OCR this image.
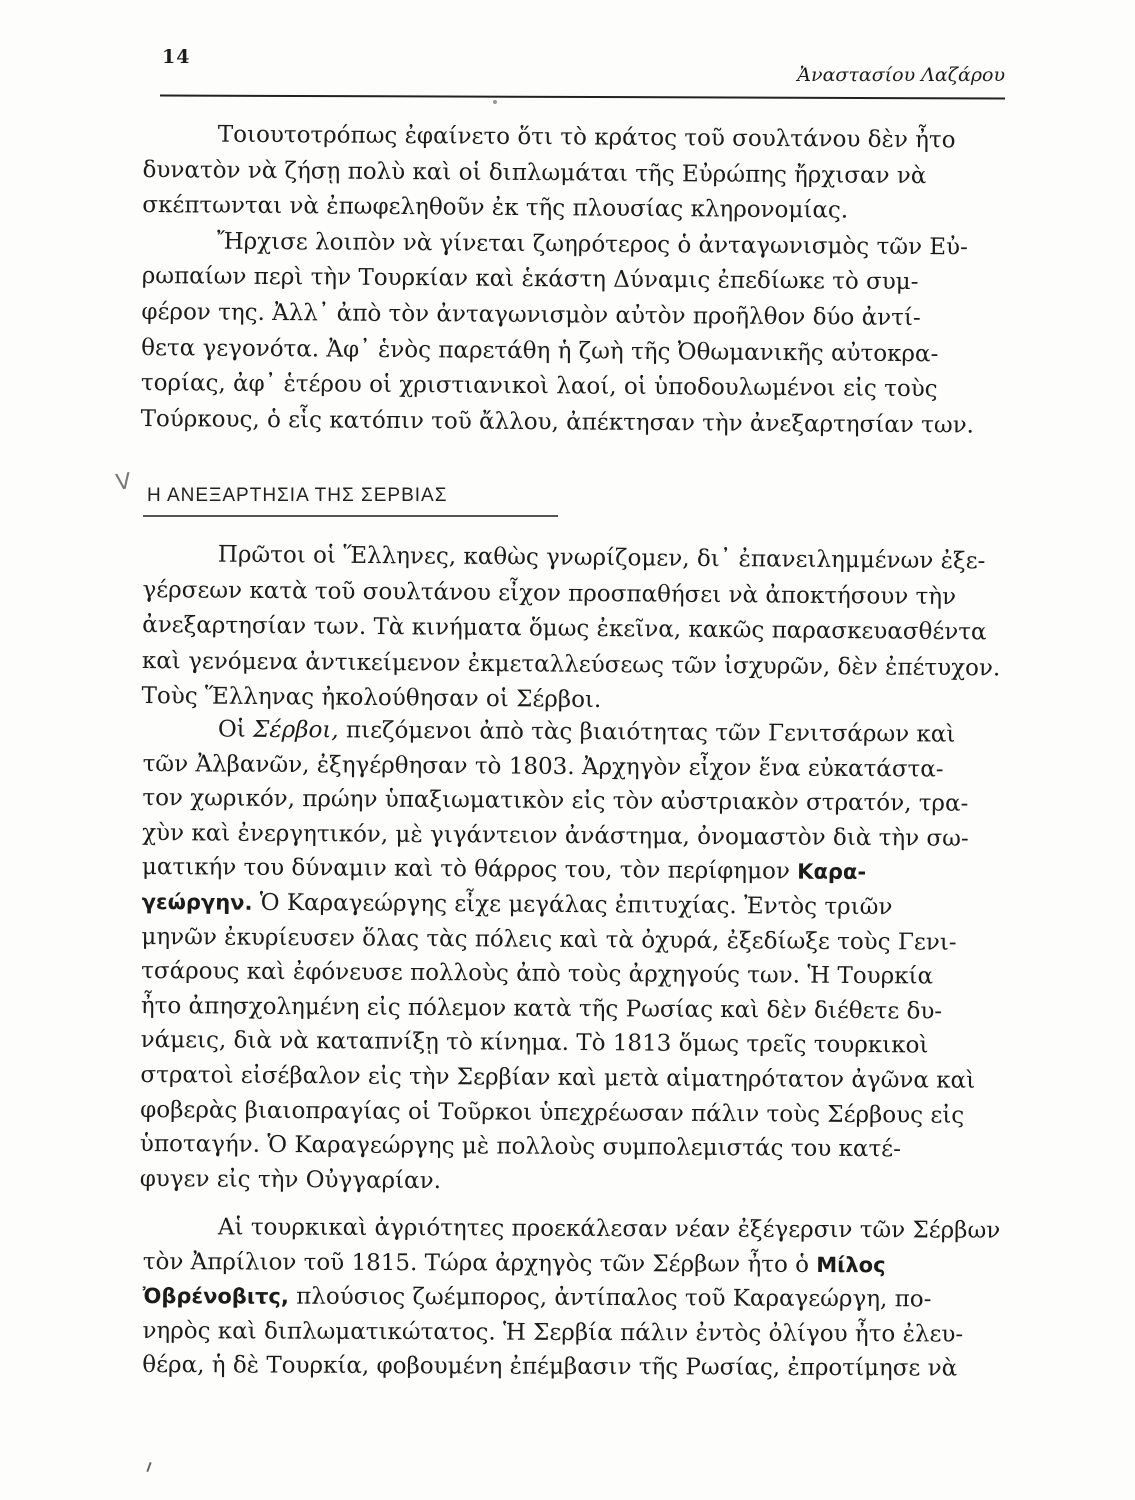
14
Ἀναστασίου Λαζάρου
Τοιουτοτρόπως ἐφαίνετο ὅτι τὸ κράτος τοῦ σουλτάνου δὲν ἦτο
δυνατὸν νὰ ζήσῃ πολὺ καὶ οἱ διπλωμάται τῆς Εὐρώπης ἤρχισαν νὰ
σκέπτωνται νὰ ἐπωφεληθοῦν ἐκ τῆς πλουσίας κληρονομίας.
Ἤρχισε λοιπὸν νὰ γίνεται ζωηρότερος ὁ ἀνταγωνισμὸς τῶν Εὐ-
ρωπαίων περὶ τὴν Τουρκίαν καὶ ἑκάστη Δύναμις ἐπεδίωκε τὸ συμ-
φέρον της. Ἀλλ᾽ ἀπὸ τὸν ἀνταγωνισμὸν αὐτὸν προῆλθον δύο ἀντί-
θετα γεγονότα. Ἀφ᾽ ἑνὸς παρετάθη ἡ ζωὴ τῆς Ὀθωμανικῆς αὐτοκρα-
τορίας, ἀφ᾽ ἑτέρου οἱ χριστιανικοὶ λαοί, οἱ ὑποδουλωμένοι εἰς τοὺς
Τούρκους, ὁ εἷς κατόπιν τοῦ ἄλλου, ἀπέκτησαν τὴν ἀνεξαρτησίαν των.
V Η ΑΝΕΞΑΡΤΗΣΙΑ ΤΗΣ ΣΕΡΒΙΑΣ
Πρῶτοι οἱ Ἕλληνες, καθὼς γνωρίζομεν, δι᾽ ἐπανειλημμένων ἐξε-
γέρσεων κατὰ τοῦ σουλτάνου εἶχον προσπαθήσει νὰ ἀποκτήσουν τὴν
ἀνεξαρτησίαν των. Τὰ κινήματα ὅμως ἐκεῖνα, κακῶς παρασκευασθέντα
καὶ γενόμενα ἀντικείμενον ἐκμεταλλεύσεως τῶν ἰσχυρῶν, δὲν ἐπέτυχον.
Τοὺς Ἕλληνας ἠκολούθησαν οἱ Σέρβοι.
Οἱ Σέρβοι, πιεζόμενοι ἀπὸ τὰς βιαιότητας τῶν Γενιτσάρων καὶ
τῶν Ἀλβανῶν, ἐξηγέρθησαν τὸ 1803. Ἀρχηγὸν εἶχον ἕνα εὐκατάστα-
τον χωρικόν, πρώην ὑπαξιωματικὸν εἰς τὸν αὐστριακὸν στρατόν, τρα-
χὺν καὶ ἐνεργητικόν, μὲ γιγάντειον ἀνάστημα, ὀνομαστὸν διὰ τὴν σω-
ματικήν του δύναμιν καὶ τὸ θάρρος του, τὸν περίφημον Καρα-
γεώργην. Ὁ Καραγεώργης εἶχε μεγάλας ἐπιτυχίας. Ἐντὸς τριῶν
μηνῶν ἐκυρίευσεν ὅλας τὰς πόλεις καὶ τὰ ὀχυρά, ἐξεδίωξε τοὺς Γενι-
τσάρους καὶ ἐφόνευσε πολλοὺς ἀπὸ τοὺς ἀρχηγούς των. Ἡ Τουρκία
ἦτο ἀπησχολημένη εἰς πόλεμον κατὰ τῆς Ρωσίας καὶ δὲν διέθετε δυ-
νάμεις, διὰ νὰ καταπνίξῃ τὸ κίνημα. Τὸ 1813 ὅμως τρεῖς τουρκικοὶ
στρατοὶ εἰσέβαλον εἰς τὴν Σερβίαν καὶ μετὰ αἱματηρότατον ἀγῶνα καὶ
φοβερὰς βιαιοπραγίας οἱ Τοῦρκοι ὑπεχρέωσαν πάλιν τοὺς Σέρβους εἰς
ὑποταγήν. Ὁ Καραγεώργης μὲ πολλοὺς συμπολεμιστάς του κατέ-
φυγεν εἰς τὴν Οὐγγαρίαν.
Αἱ τουρκικαὶ ἀγριότητες προεκάλεσαν νέαν ἐξέγερσιν τῶν Σέρβων
τὸν Ἀπρίλιον τοῦ 1815. Τώρα ἀρχηγὸς τῶν Σέρβων ἦτο ὁ Μίλος
Ὀβρένοβιτς, πλούσιος ζωέμπορος, ἀντίπαλος τοῦ Καραγεώργη, πο-
νηρὸς καὶ διπλωματικώτατος. Ἡ Σερβία πάλιν ἐντὸς ὀλίγου ἦτο ἐλευ-
θέρα, ἡ δὲ Τουρκία, φοβουμένη ἐπέμβασιν τῆς Ρωσίας, ἐπροτίμησε νὰ
